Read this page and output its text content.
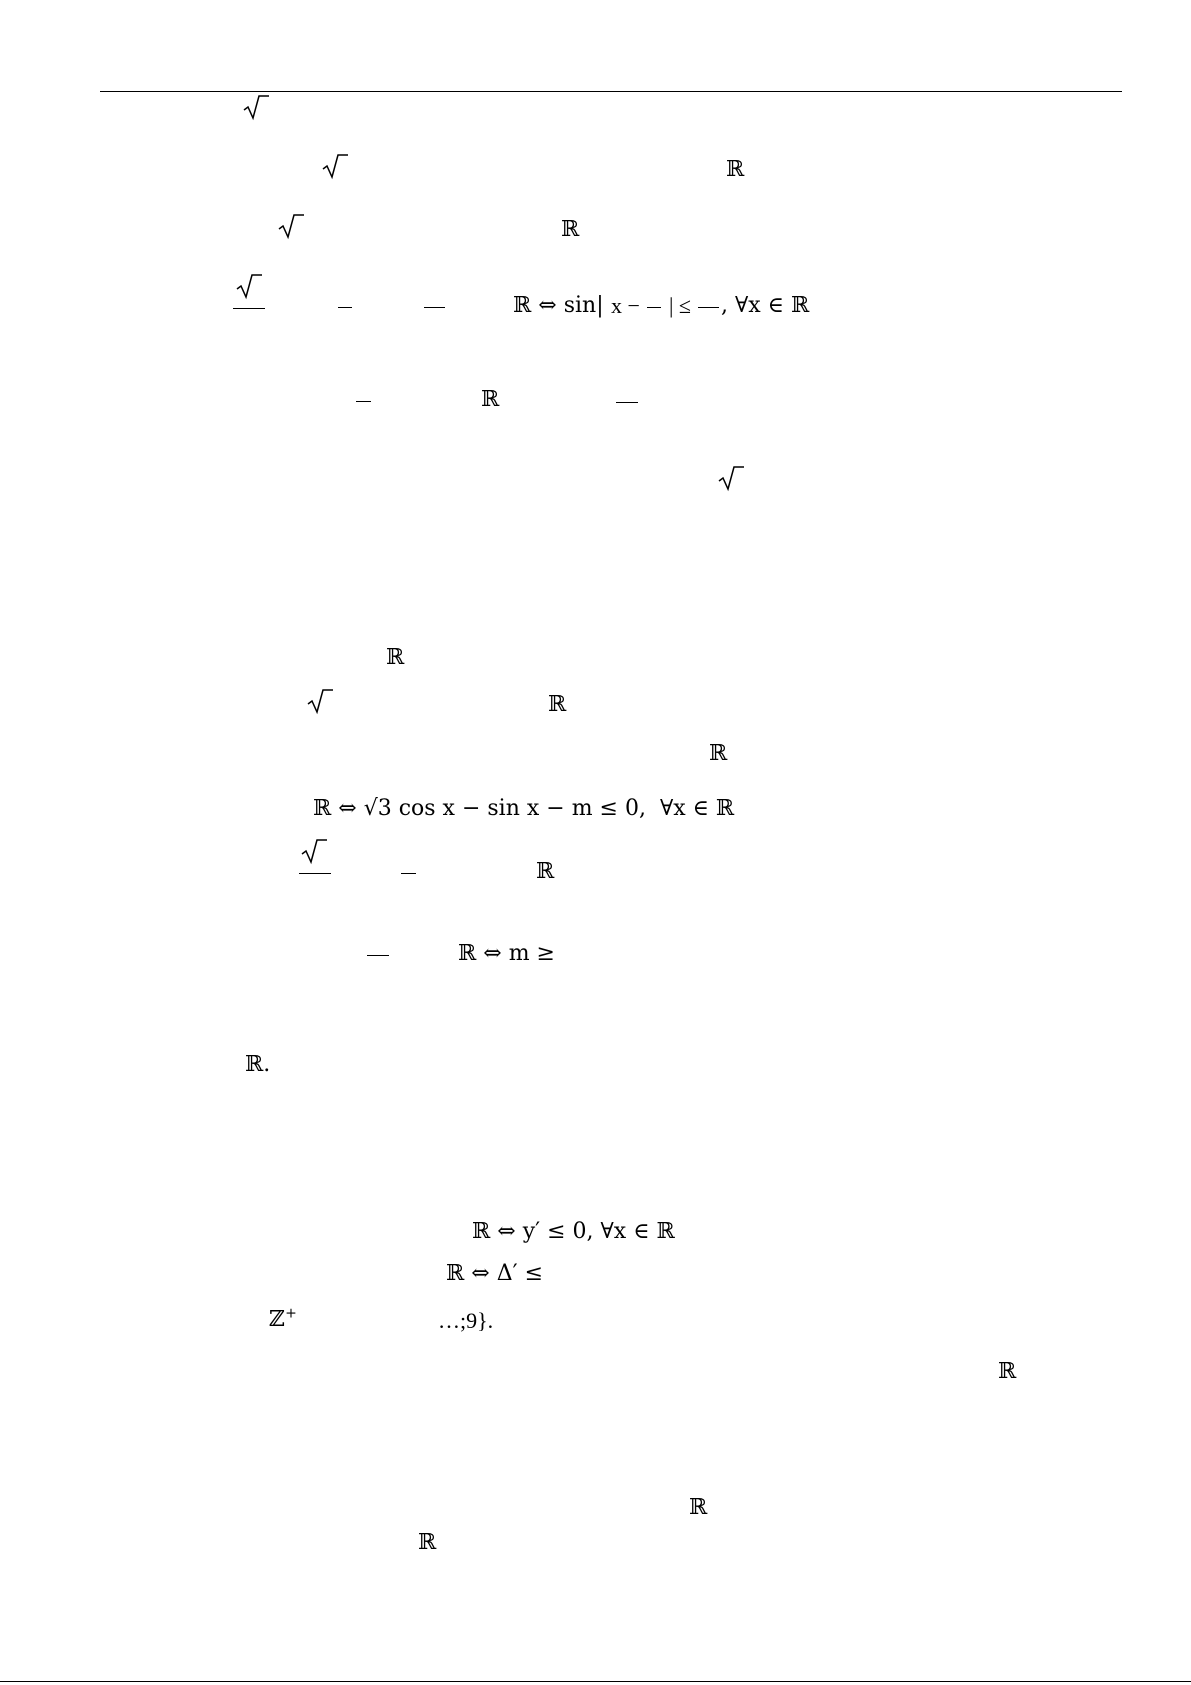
ℝ
ℝ
ℝ ⇔ sin| x − | ≤ , ∀x ∈ ℝ
ℝ
ℝ
ℝ
ℝ
ℝ ⇔ √3 cos x − sin x − m ≤ 0,  ∀x ∈ ℝ
ℝ
ℝ ⇔ m ≥
ℝ.
ℝ ⇔ y′ ≤ 0, ∀x ∈ ℝ
ℝ ⇔ Δ′ ≤
ℤ+	…;9}.
ℝ
ℝ
ℝ
